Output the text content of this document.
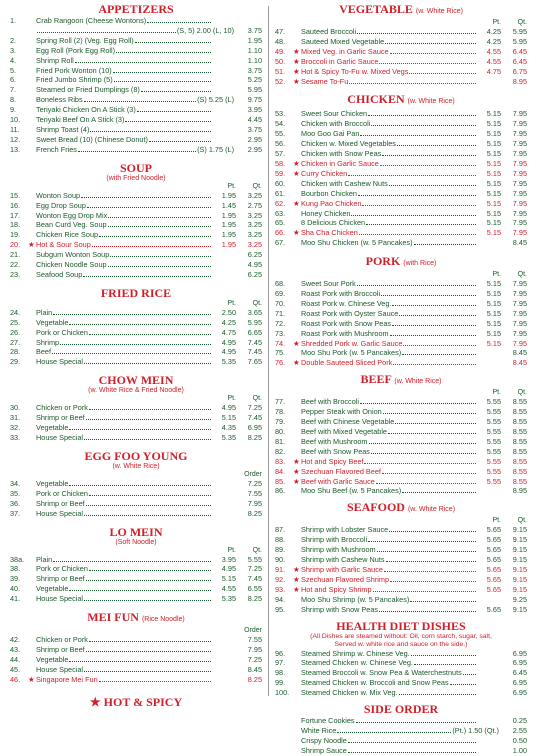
APPETIZERS
1.	Crab Rangoon (Cheese Wontons)
(S, 5) 2.00 (L, 10)	3.75
2.	Spring Roll (2) (Veg. Egg Roll)	1.95
3.	Egg Roll (Pork Egg Roll)	1.10
4.	Shrimp Roll	1.10
5.	Fried Pork Wonton (10)	3.75
6.	Fried Jumbo Shrimp (5)	5.25
7.	Steamed or Fried Dumplings (8)	5.95
8.	Boneless Ribs	(S) 5.25 (L)	9.75
9.	Teriyaki Chicken On A Stick (3)	3.95
10.	Teriyaki Beef On A Stick (3)	4.45
11.	Shrimp Toast (4)	3.75
12.	Sweet Bread (10) (Chinese Donut)	2.95
13.	French Fries	(S) 1.75 (L)	2.95
SOUP
(with Fried Noodle)
Pt.	Qt.
15.	Wonton Soup	1.95	3.25
16.	Egg Drop Soup	1.45	2.75
17.	Wonton Egg Drop Mix	1.95	3.25
18.	Bean Curd Veg. Soup	1.95	3.25
19.	Chicken Rice Soup	1.95	3.25
20.	★ Hot & Sour Soup	1.95	3.25
21.	Subgum Wonton Soup	6.25
22.	Chicken Noodle Soup	4.95
23.	Seafood Soup	6.25
FRIED RICE
Pt.	Qt.
24.	Plain	2.50	3.65
25.	Vegetable	4.25	5.95
26.	Pork or Chicken	4.75	6.65
27.	Shrimp	4.95	7.45
28.	Beef	4.95	7.45
29.	House Special	5.35	7.65
CHOW MEIN
(w. White Rice & Fried Noodle)
Pt.	Qt.
30.	Chicken or Pork	4.95	7.25
31.	Shrimp or Beef	5.15	7.45
32.	Vegetable	4.35	6.95
33.	House Special	5.35	8.25
EGG FOO YOUNG
(w. White Rice)
Order
34.	Vegetable	7.25
35.	Pork or Chicken	7.55
36.	Shrimp or Beef	7.95
37.	House Special	8.25
LO MEIN
(Soft Noodle)
Pt.	Qt.
38a.	Plain	3.95	5.55
38.	Pork or Chicken	4.95	7.25
39.	Shrimp or Beef	5.15	7.45
40.	Vegetable	4.55	6.55
41.	House Special	5.35	8.25
MEI FUN (Rice Noodle)
Order
42.	Chicken or Pork	7.55
43.	Shrimp or Beef	7.95
44.	Vegetable	7.25
45.	House Special	8.45
46.	★ Singapore Mei Fun	8.25
★ HOT & SPICY
VEGETABLE (w. White Rice)
Pt.	Qt.
47.	Sauteed Broccoli	4.25	5.95
48.	Sauteed Mixed Vegetable	4.25	5.95
49.	★ Mixed Veg. in Garlic Sauce	4.55	6.45
50.	★ Broccoli in Garlic Sauce	4.55	6.45
51.	★ Hot & Spicy To-Fu w. Mixed Vegs	4.75	6.75
52.	★ Sesame To-Fu	8.95
CHICKEN (w. White Rice)
53.	Sweet Sour Chicken	5.15	7.95
54.	Chicken with Broccoli	5.15	7.95
55.	Moo Goo Gai Pan	5.15	7.95
56.	Chicken w. Mixed Vegetables	5.15	7.95
57.	Chicken with Snow Peas	5.15	7.95
58.	★ Chicken in Garlic Sauce	5.15	7.95
59.	★ Curry Chicken	5.15	7.95
60.	Chicken with Cashew Nuts	5.15	7.95
61.	Bourbon Chicken	5.15	7.95
62.	★ Kung Pao Chicken	5.15	7.95
63.	Honey Chicken	5.15	7.95
65.	8 Delicious Chicken	5.15	7.95
66.	★ Sha Cha Chicken	5.15	7.95
67.	Moo Shu Chicken (w. 5 Pancakes)	8.45
PORK (with Rice)
Pt.	Qt.
68.	Sweet Sour Pork	5.15	7.95
69.	Roast Pork with Broccoli	5.15	7.95
70.	Roast Pork w. Chinese Veg.	5.15	7.95
71.	Roast Pork with Oyster Sauce	5.15	7.95
72.	Roast Pork with Snow Peas	5.15	7.95
73.	Roast Pork with Mushroom	5.15	7.95
74.	★ Shredded Pork w. Garlic Sauce	5.15	7.95
75.	Moo Shu Pork (w. 5 Pancakes)	8.45
76.	★ Double Sauteed Sliced Pork	8.45
BEEF (w. White Rice)
Pt.	Qt.
77.	Beef with Broccoli	5.55	8.55
78.	Pepper Steak with Onion	5.55	8.55
79.	Beef with Chinese Vegetable	5.55	8.55
80.	Beef with Mixed Vegetable	5.55	8.55
81.	Beef with Mushroom	5.55	8.55
82.	Beef with Snow Peas	5.55	8.55
83.	★ Hot and Spicy Beef	5.55	8.55
84.	★ Szechuan Flavored Beef	5.55	8.55
85.	★ Beef with Garlic Sauce	5.55	8.55
86.	Moo Shu Beef (w. 5 Pancakes)	8.95
SEAFOOD (w. White Rice)
Pt.	Qt.
87.	Shrimp with Lobster Sauce	5.65	9.15
88.	Shrimp with Broccoli	5.65	9.15
89.	Shrimp with Mushroom	5.65	9.15
90.	Shrimp with Cashew Nuts	5.65	9.15
91.	★ Shrimp with Garlic Sauce	5.65	9.15
92.	★ Szechuan Flavored Shrimp	5.65	9.15
93.	★ Hot and Spicy Shrimp	5.65	9.15
94.	Moo Shu Shrimp (w. 5 Pancakes)	9.25
95.	Shrimp with Snow Peas	5.65	9.15
HEALTH DIET DISHES
(All Dishes are steamed without: Oil, corn starch, sugar, salt,
Served w. white rice and sauce on the side.)
96.	Steamed Shrimp w. Chinese Veg.	6.95
97.	Steamed Chicken w. Chinese Veg.	6.95
98.	Steamed Broccoli w. Snow Pea & Waterchestnuts	6.45
99.	Steamed Chicken w. Broccoli and Snow Peas	6.95
100.	Steamed Chicken w. Mix Veg.	6.95
SIDE ORDER
Fortune Cookies	0.25
White Rice	(Pt.) 1.50 (Qt.)	2.55
Crispy Noodle	0.50
Shrimp Sauce	1.00
